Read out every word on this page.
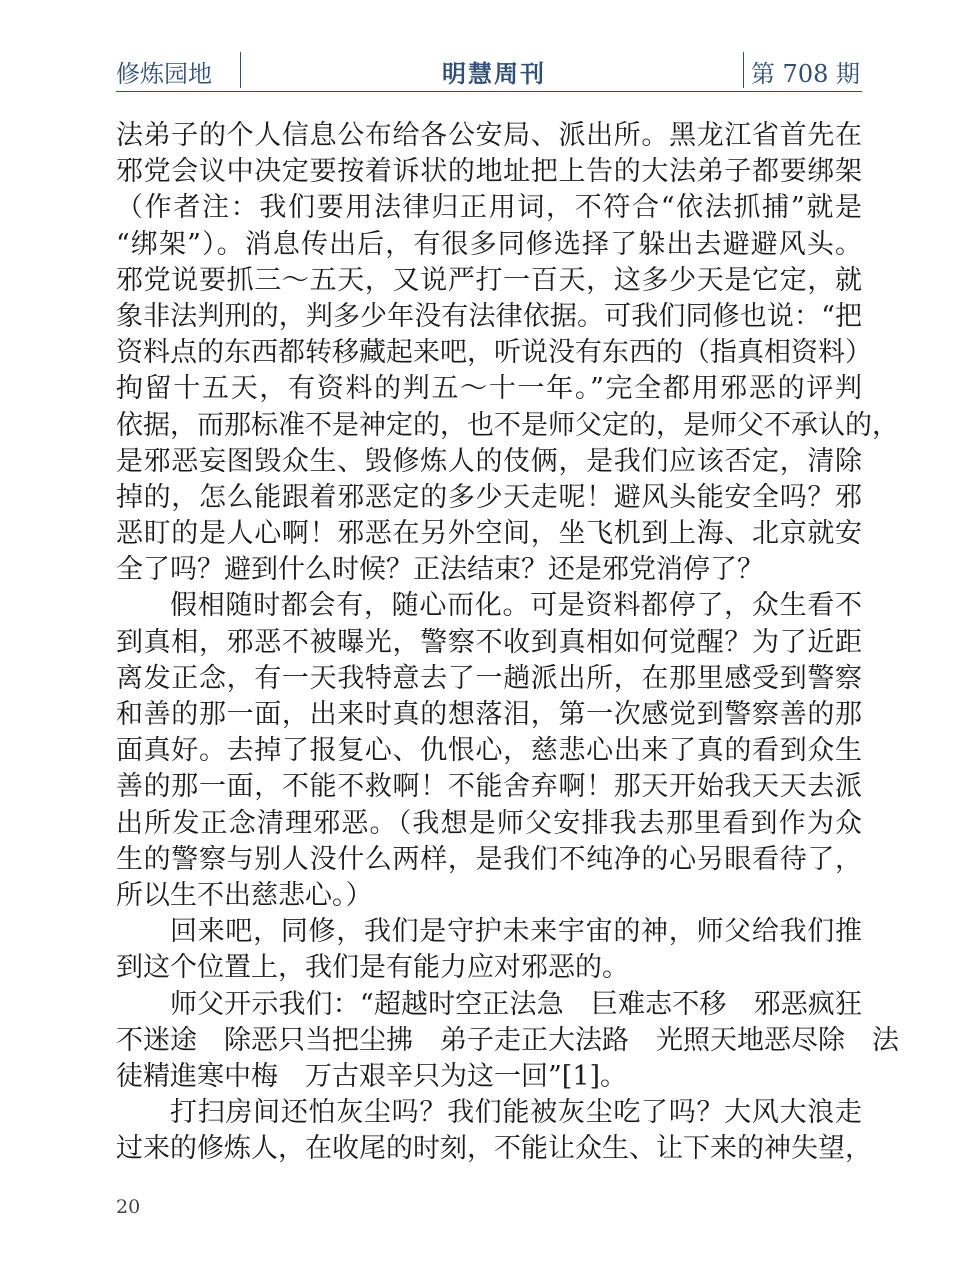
修炼园地	明慧周刊	第 708 期
法弟子的个人信息公布给各公安局、派出所。黑龙江省首先在
邪党会议中决定要按着诉状的地址把上告的大法弟子都要绑架
（作者注：我们要用法律归正用词，不符合“依法抓捕”就是
“绑架”）。消息传出后，有很多同修选择了躲出去避避风头。
邪党说要抓三～五天，又说严打一百天，这多少天是它定，就
象非法判刑的，判多少年没有法律依据。可我们同修也说：“把
资料点的东西都转移藏起来吧，听说没有东西的（指真相资料）
拘留十五天，有资料的判五～十一年。”完全都用邪恶的评判
依据，而那标准不是神定的，也不是师父定的，是师父不承认的，
是邪恶妄图毁众生、毁修炼人的伎俩，是我们应该否定，清除
掉的，怎么能跟着邪恶定的多少天走呢！避风头能安全吗？邪
恶盯的是人心啊！邪恶在另外空间，坐飞机到上海、北京就安
全了吗？避到什么时候？正法结束？还是邪党消停了？
假相随时都会有，随心而化。可是资料都停了，众生看不
到真相，邪恶不被曝光，警察不收到真相如何觉醒？为了近距
离发正念，有一天我特意去了一趟派出所，在那里感受到警察
和善的那一面，出来时真的想落泪，第一次感觉到警察善的那
面真好。去掉了报复心、仇恨心，慈悲心出来了真的看到众生
善的那一面，不能不救啊！不能舍弃啊！那天开始我天天去派
出所发正念清理邪恶。（我想是师父安排我去那里看到作为众
生的警察与别人没什么两样，是我们不纯净的心另眼看待了，
所以生不出慈悲心。）
回来吧，同修，我们是守护未来宇宙的神，师父给我们推
到这个位置上，我们是有能力应对邪恶的。
师父开示我们：“超越时空正法急　巨难志不移　邪恶疯狂
不迷途　除恶只当把尘拂　弟子走正大法路　光照天地恶尽除　法
徒精進寒中梅　万古艰辛只为这一回”[1]。
打扫房间还怕灰尘吗？我们能被灰尘吃了吗？大风大浪走
过来的修炼人，在收尾的时刻，不能让众生、让下来的神失望，
20
